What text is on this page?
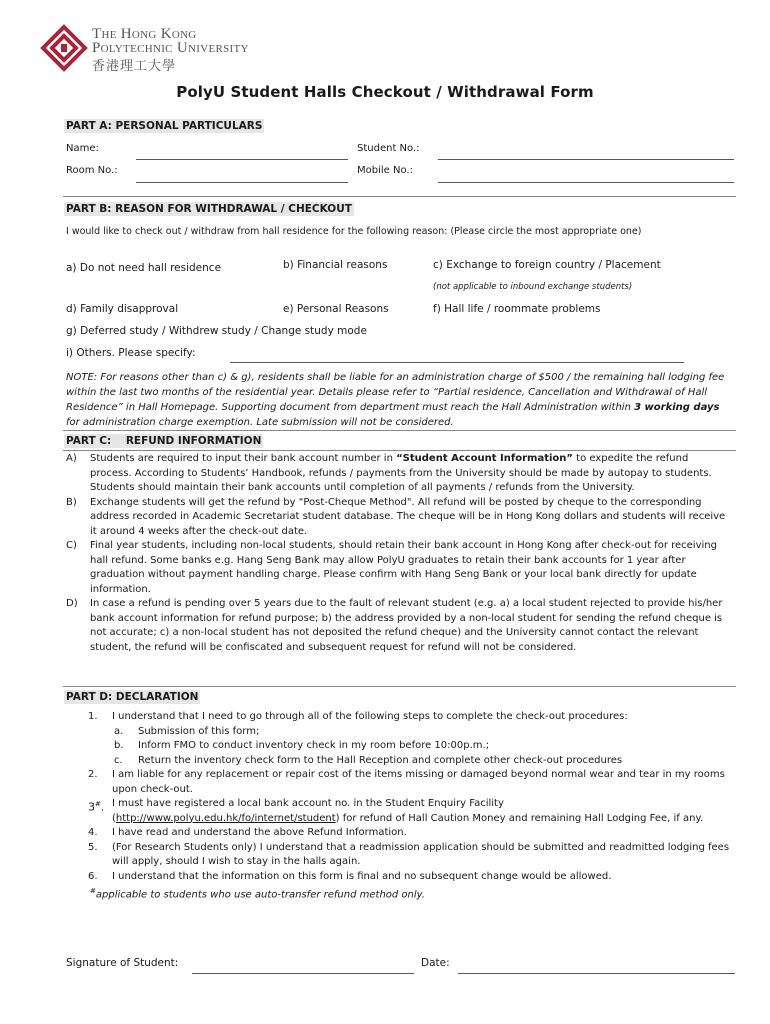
The Hong Kong
Polytechnic University
香港理工大學
PolyU Student Halls Checkout / Withdrawal Form
PART A: PERSONAL PARTICULARS
Name:	Student No.:
Room No.:	Mobile No.:
PART B: REASON FOR WITHDRAWAL / CHECKOUT
I would like to check out / withdraw from hall residence for the following reason: (Please circle the most appropriate one)
a) Do not need hall residence	b) Financial reasons	c) Exchange to foreign country / Placement
(not applicable to inbound exchange students)
d) Family disapproval	e) Personal Reasons	f) Hall life / roommate problems
g) Deferred study / Withdrew study / Change study mode
i) Others. Please specify:
NOTE: For reasons other than c) & g), residents shall be liable for an administration charge of $500 / the remaining hall lodging fee within the last two months of the residential year. Details please refer to “Partial residence, Cancellation and Withdrawal of Hall Residence” in Hall Homepage. Supporting document from department must reach the Hall Administration within 3 working days for administration charge exemption. Late submission will not be considered.
PART C:    REFUND INFORMATION
A) Students are required to input their bank account number in “Student Account Information” to expedite the refund process. According to Students’ Handbook, refunds / payments from the University should be made by autopay to students. Students should maintain their bank accounts until completion of all payments / refunds from the University.
B) Exchange students will get the refund by "Post-Cheque Method". All refund will be posted by cheque to the corresponding address recorded in Academic Secretariat student database. The cheque will be in Hong Kong dollars and students will receive it around 4 weeks after the check-out date.
C) Final year students, including non-local students, should retain their bank account in Hong Kong after check-out for receiving hall refund. Some banks e.g. Hang Seng Bank may allow PolyU graduates to retain their bank accounts for 1 year after graduation without payment handling charge. Please confirm with Hang Seng Bank or your local bank directly for update information.
D) In case a refund is pending over 5 years due to the fault of relevant student (e.g. a) a local student rejected to provide his/her bank account information for refund purpose; b) the address provided by a non-local student for sending the refund cheque is not accurate; c) a non-local student has not deposited the refund cheque) and the University cannot contact the relevant student, the refund will be confiscated and subsequent request for refund will not be considered.
PART D: DECLARATION
1. I understand that I need to go through all of the following steps to complete the check-out procedures:
a. Submission of this form;
b. Inform FMO to conduct inventory check in my room before 10:00p.m.;
c. Return the inventory check form to the Hall Reception and complete other check-out procedures
2. I am liable for any replacement or repair cost of the items missing or damaged beyond normal wear and tear in my rooms upon check-out.
3#. I must have registered a local bank account no. in the Student Enquiry Facility (http://www.polyu.edu.hk/fo/internet/student) for refund of Hall Caution Money and remaining Hall Lodging Fee, if any.
4. I have read and understand the above Refund Information.
5. (For Research Students only) I understand that a readmission application should be submitted and readmitted lodging fees will apply, should I wish to stay in the halls again.
6. I understand that the information on this form is final and no subsequent change would be allowed.
#applicable to students who use auto-transfer refund method only.
Signature of Student:	Date:
